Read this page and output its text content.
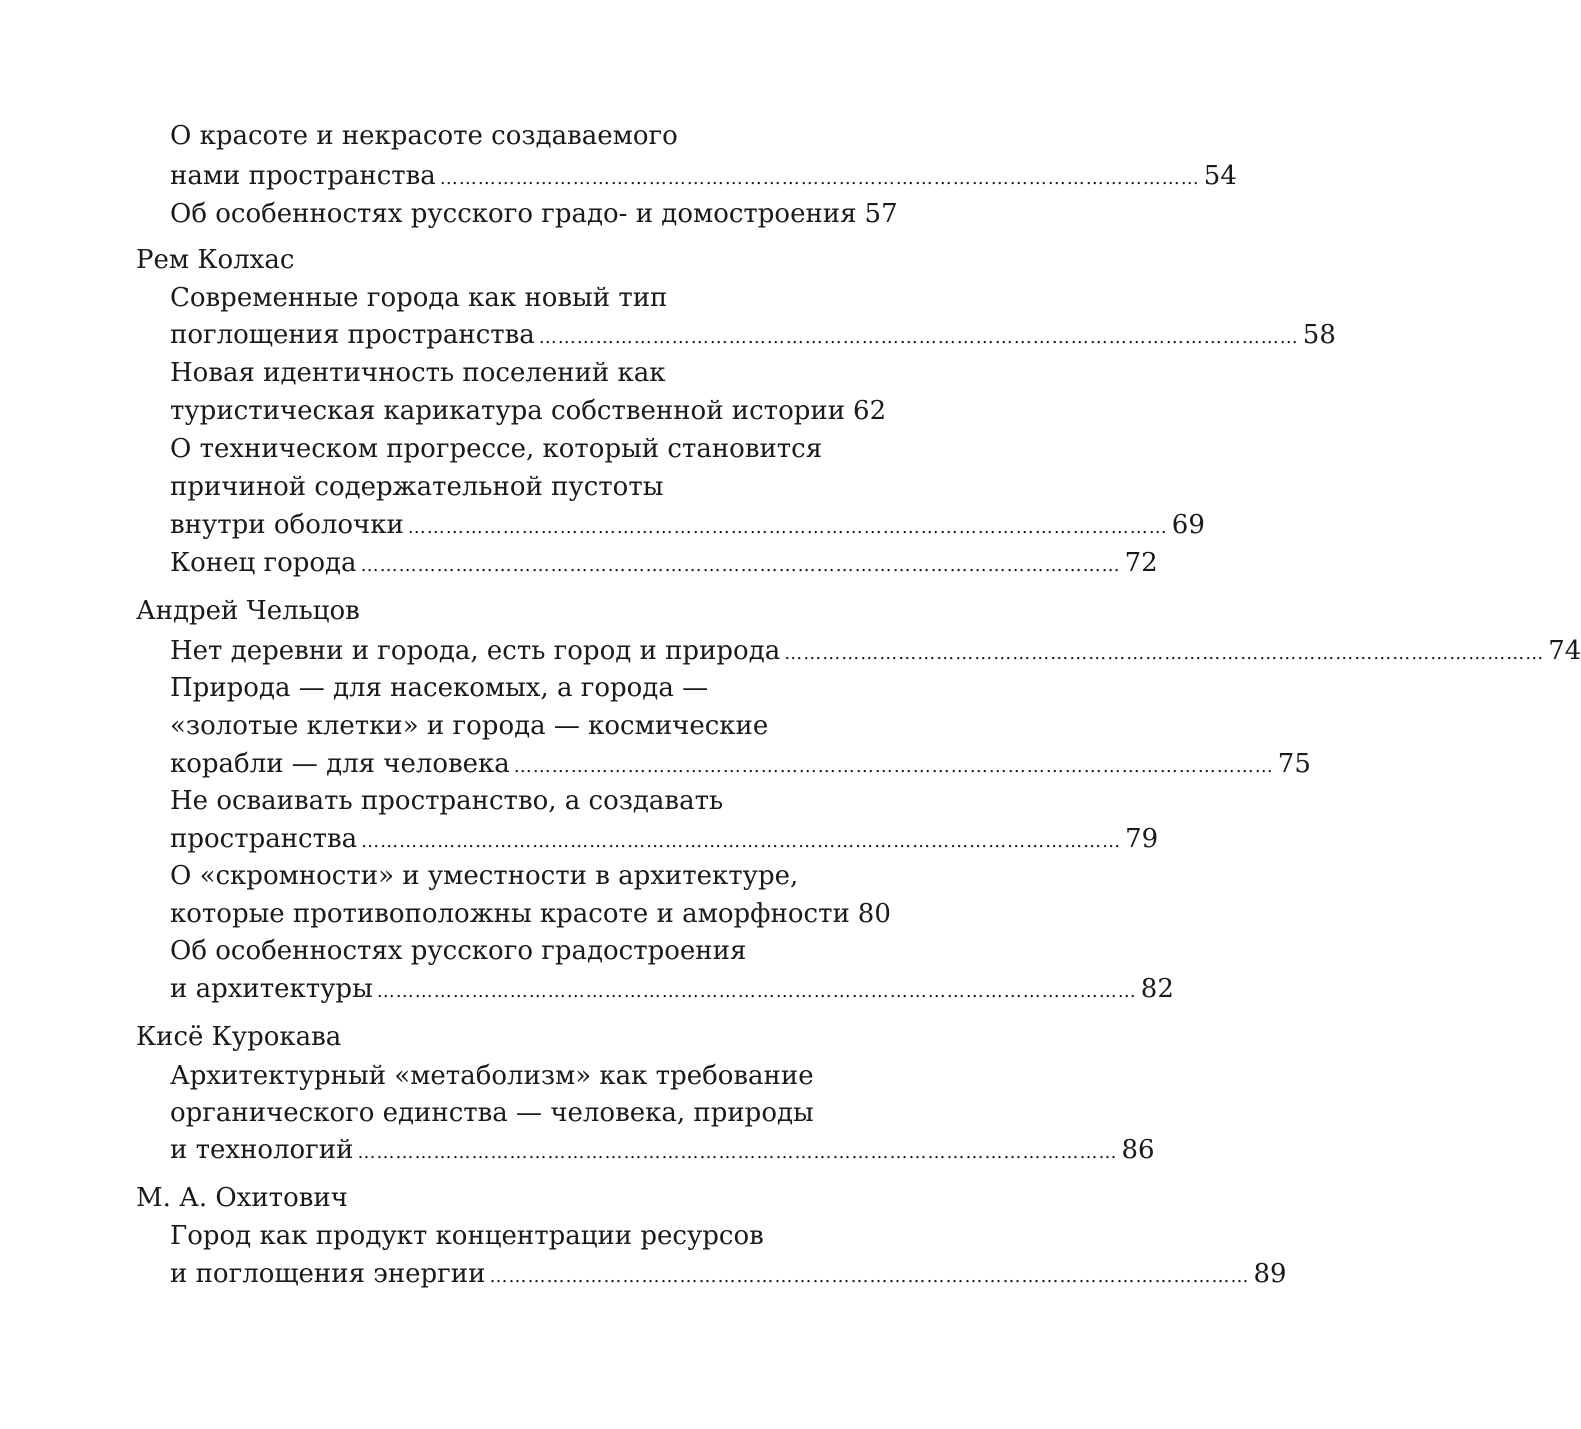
О красоте и некрасоте создаваемого
нами пространства ………………………………………………………………………………………………………… 54
Об особенностях русского градо- и домостроения 57
Рем Колхас
Современные города как новый тип
поглощения пространства ………………………………………………………………………………………………………… 58
Новая идентичность поселений как
туристическая карикатура собственной истории 62
О техническом прогрессе, который становится
причиной содержательной пустоты
внутри оболочки ………………………………………………………………………………………………………… 69
Конец города ………………………………………………………………………………………………………… 72
Андрей Чельцов
Нет деревни и города, есть город и природа ………………………………………………………………………………………………………… 74
Природа — для насекомых, а города —
«золотые клетки» и города — космические
корабли — для человека ………………………………………………………………………………………………………… 75
Не осваивать пространство, а создавать
пространства ………………………………………………………………………………………………………… 79
О «скромности» и уместности в архитектуре,
которые противоположны красоте и аморфности 80
Об особенностях русского градостроения
и архитектуры ………………………………………………………………………………………………………… 82
Кисё Курокава
Архитектурный «метаболизм» как требование
органического единства — человека, природы
и технологий ………………………………………………………………………………………………………… 86
М. А. Охитович
Город как продукт концентрации ресурсов
и поглощения энергии ………………………………………………………………………………………………………… 89
